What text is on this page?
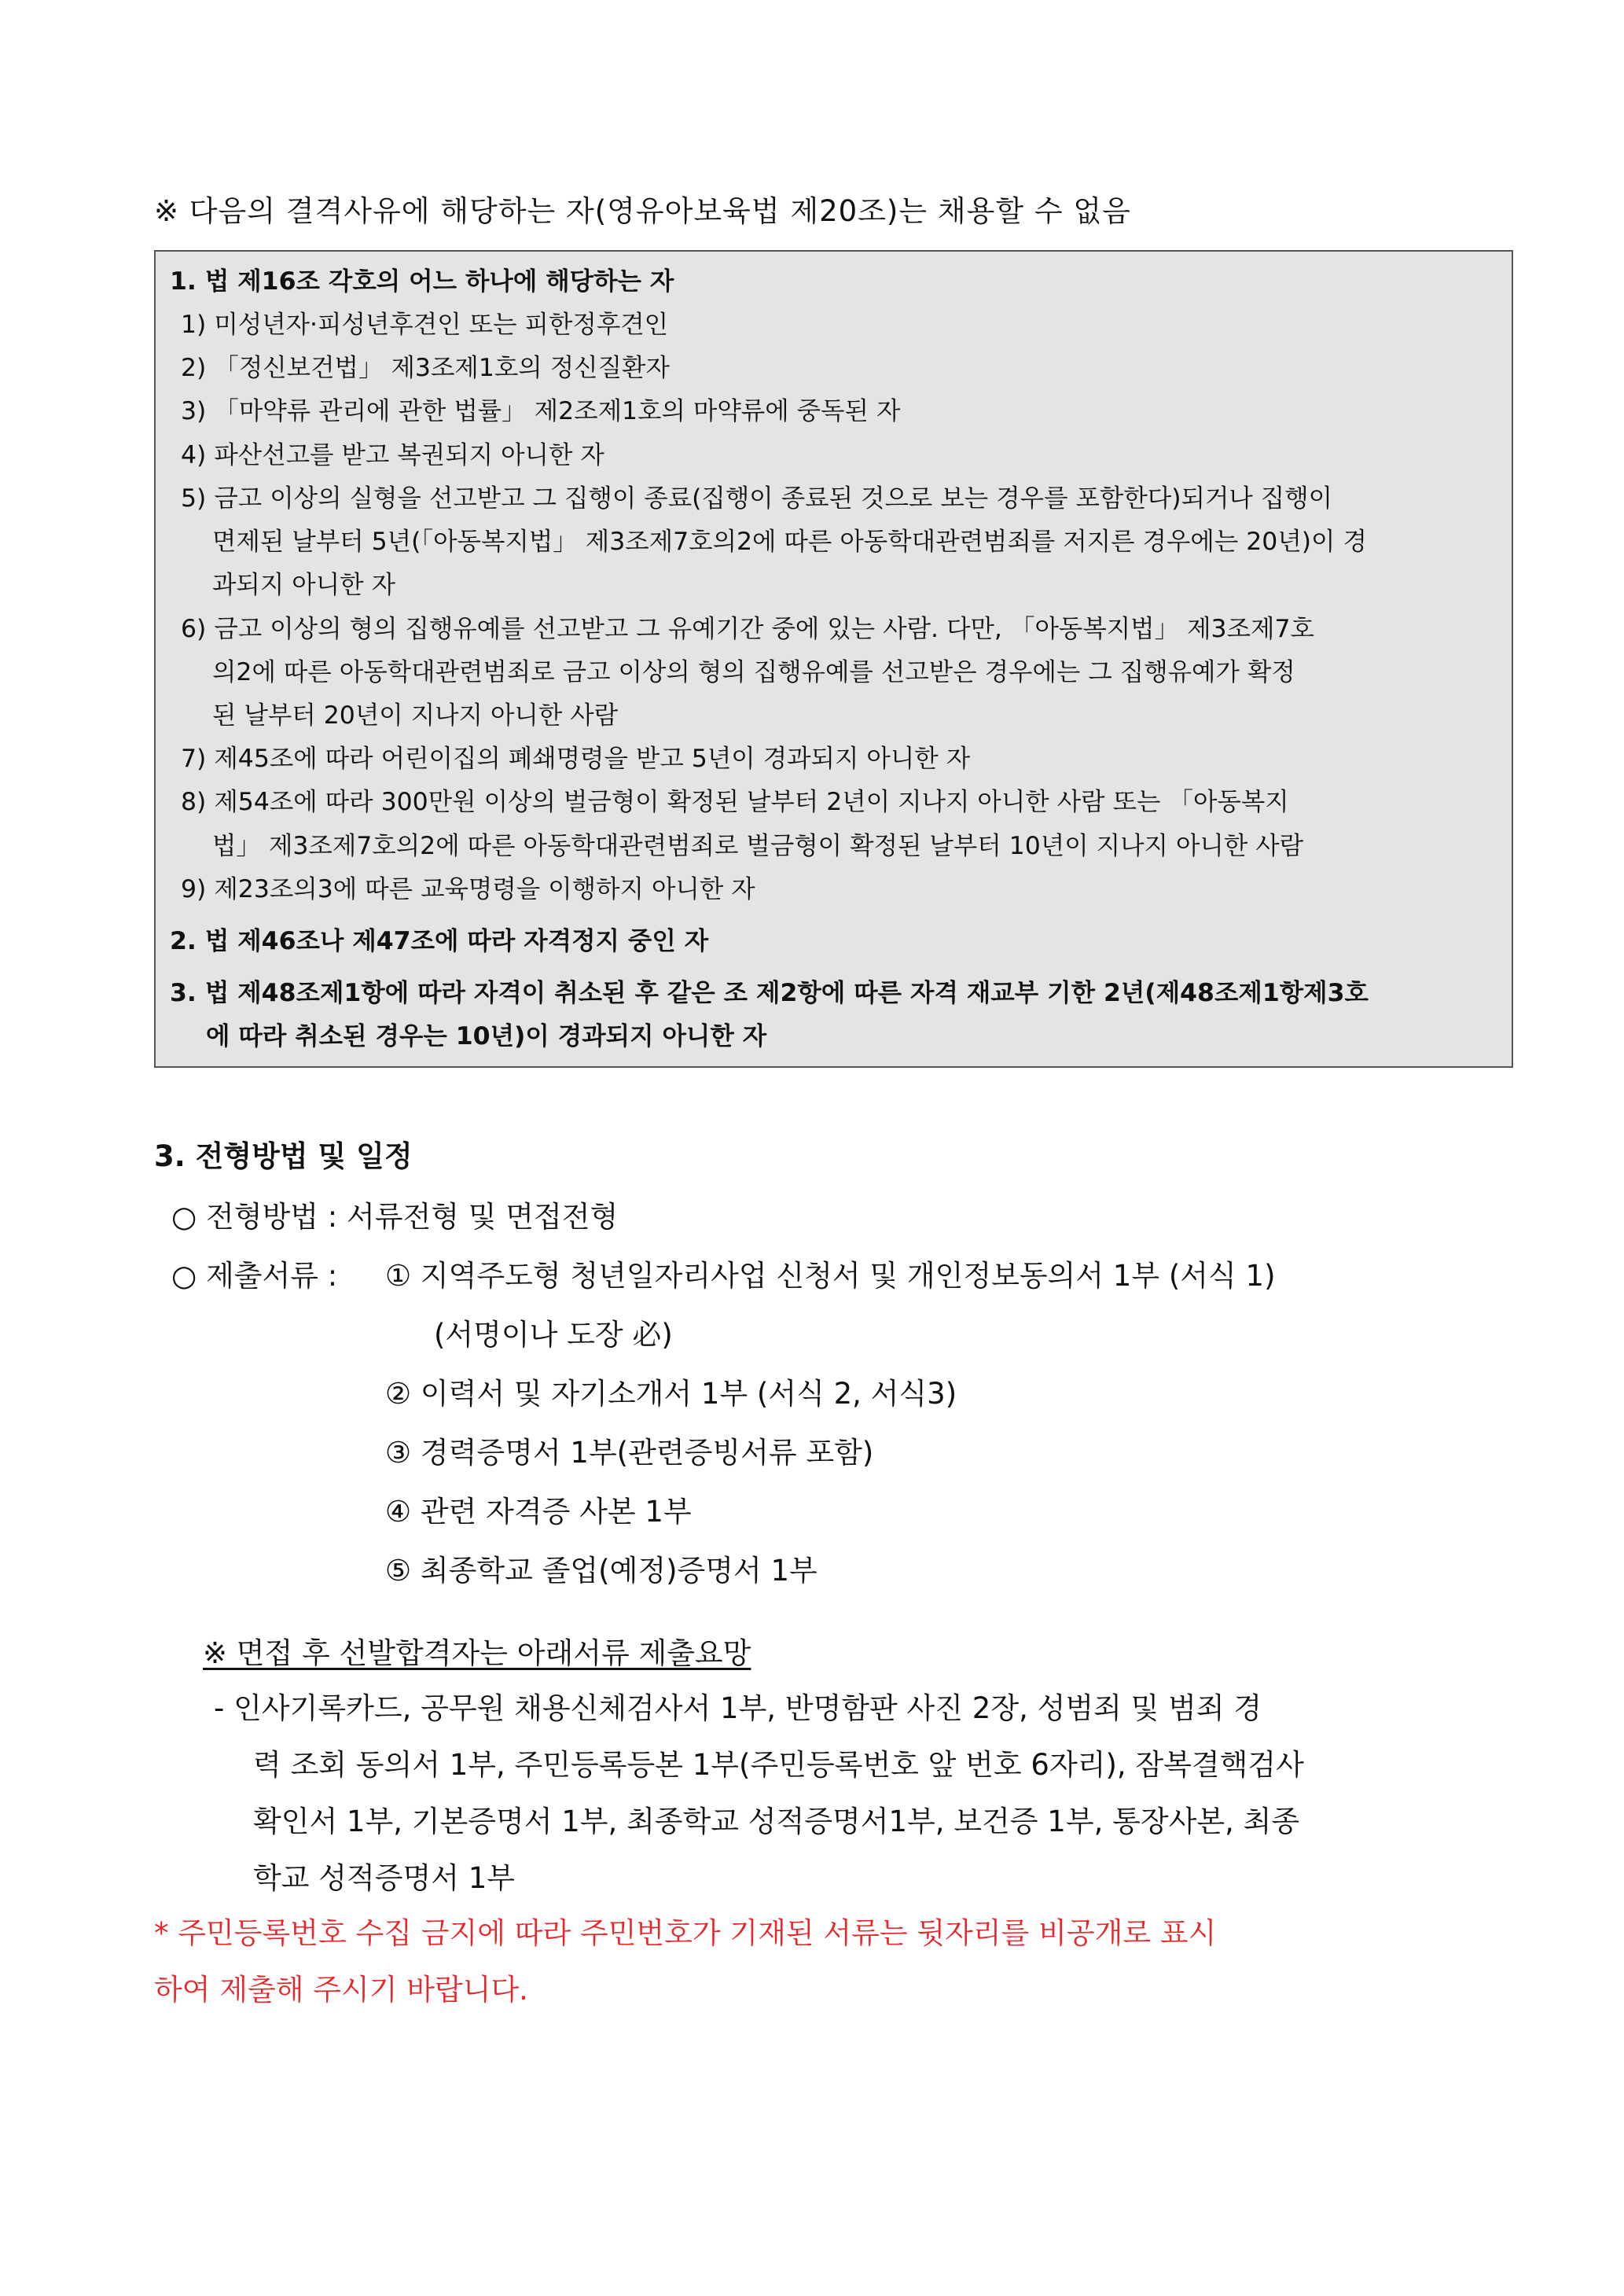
※ 다음의 결격사유에 해당하는 자(영유아보육법 제20조)는 채용할 수 없음
1. 법 제16조 각호의 어느 하나에 해당하는 자
1) 미성년자·피성년후견인 또는 피한정후견인
2) 「정신보건법」 제3조제1호의 정신질환자
3) 「마약류 관리에 관한 법률」 제2조제1호의 마약류에 중독된 자
4) 파산선고를 받고 복권되지 아니한 자
5) 금고 이상의 실형을 선고받고 그 집행이 종료(집행이 종료된 것으로 보는 경우를 포함한다)되거나 집행이
면제된 날부터 5년(「아동복지법」 제3조제7호의2에 따른 아동학대관련범죄를 저지른 경우에는 20년)이 경
과되지 아니한 자
6) 금고 이상의 형의 집행유예를 선고받고 그 유예기간 중에 있는 사람. 다만, 「아동복지법」 제3조제7호
의2에 따른 아동학대관련범죄로 금고 이상의 형의 집행유예를 선고받은 경우에는 그 집행유예가 확정
된 날부터 20년이 지나지 아니한 사람
7) 제45조에 따라 어린이집의 폐쇄명령을 받고 5년이 경과되지 아니한 자
8) 제54조에 따라 300만원 이상의 벌금형이 확정된 날부터 2년이 지나지 아니한 사람 또는 「아동복지
법」 제3조제7호의2에 따른 아동학대관련범죄로 벌금형이 확정된 날부터 10년이 지나지 아니한 사람
9) 제23조의3에 따른 교육명령을 이행하지 아니한 자
2. 법 제46조나 제47조에 따라 자격정지 중인 자
3. 법 제48조제1항에 따라 자격이 취소된 후 같은 조 제2항에 따른 자격 재교부 기한 2년(제48조제1항제3호
에 따라 취소된 경우는 10년)이 경과되지 아니한 자
3. 전형방법 및 일정
○ 전형방법 : 서류전형 및 면접전형
○ 제출서류 : ① 지역주도형 청년일자리사업 신청서 및 개인정보동의서 1부 (서식 1)
(서명이나 도장 必)
② 이력서 및 자기소개서 1부 (서식 2, 서식3)
③ 경력증명서 1부(관련증빙서류 포함)
④ 관련 자격증 사본 1부
⑤ 최종학교 졸업(예정)증명서 1부
※ 면접 후 선발합격자는 아래서류 제출요망
- 인사기록카드, 공무원 채용신체검사서 1부, 반명함판 사진 2장, 성범죄 및 범죄 경
력 조회 동의서 1부, 주민등록등본 1부(주민등록번호 앞 번호 6자리), 잠복결핵검사
확인서 1부, 기본증명서 1부, 최종학교 성적증명서1부, 보건증 1부, 통장사본, 최종
학교 성적증명서 1부
* 주민등록번호 수집 금지에 따라 주민번호가 기재된 서류는 뒷자리를 비공개로 표시
하여 제출해 주시기 바랍니다.
